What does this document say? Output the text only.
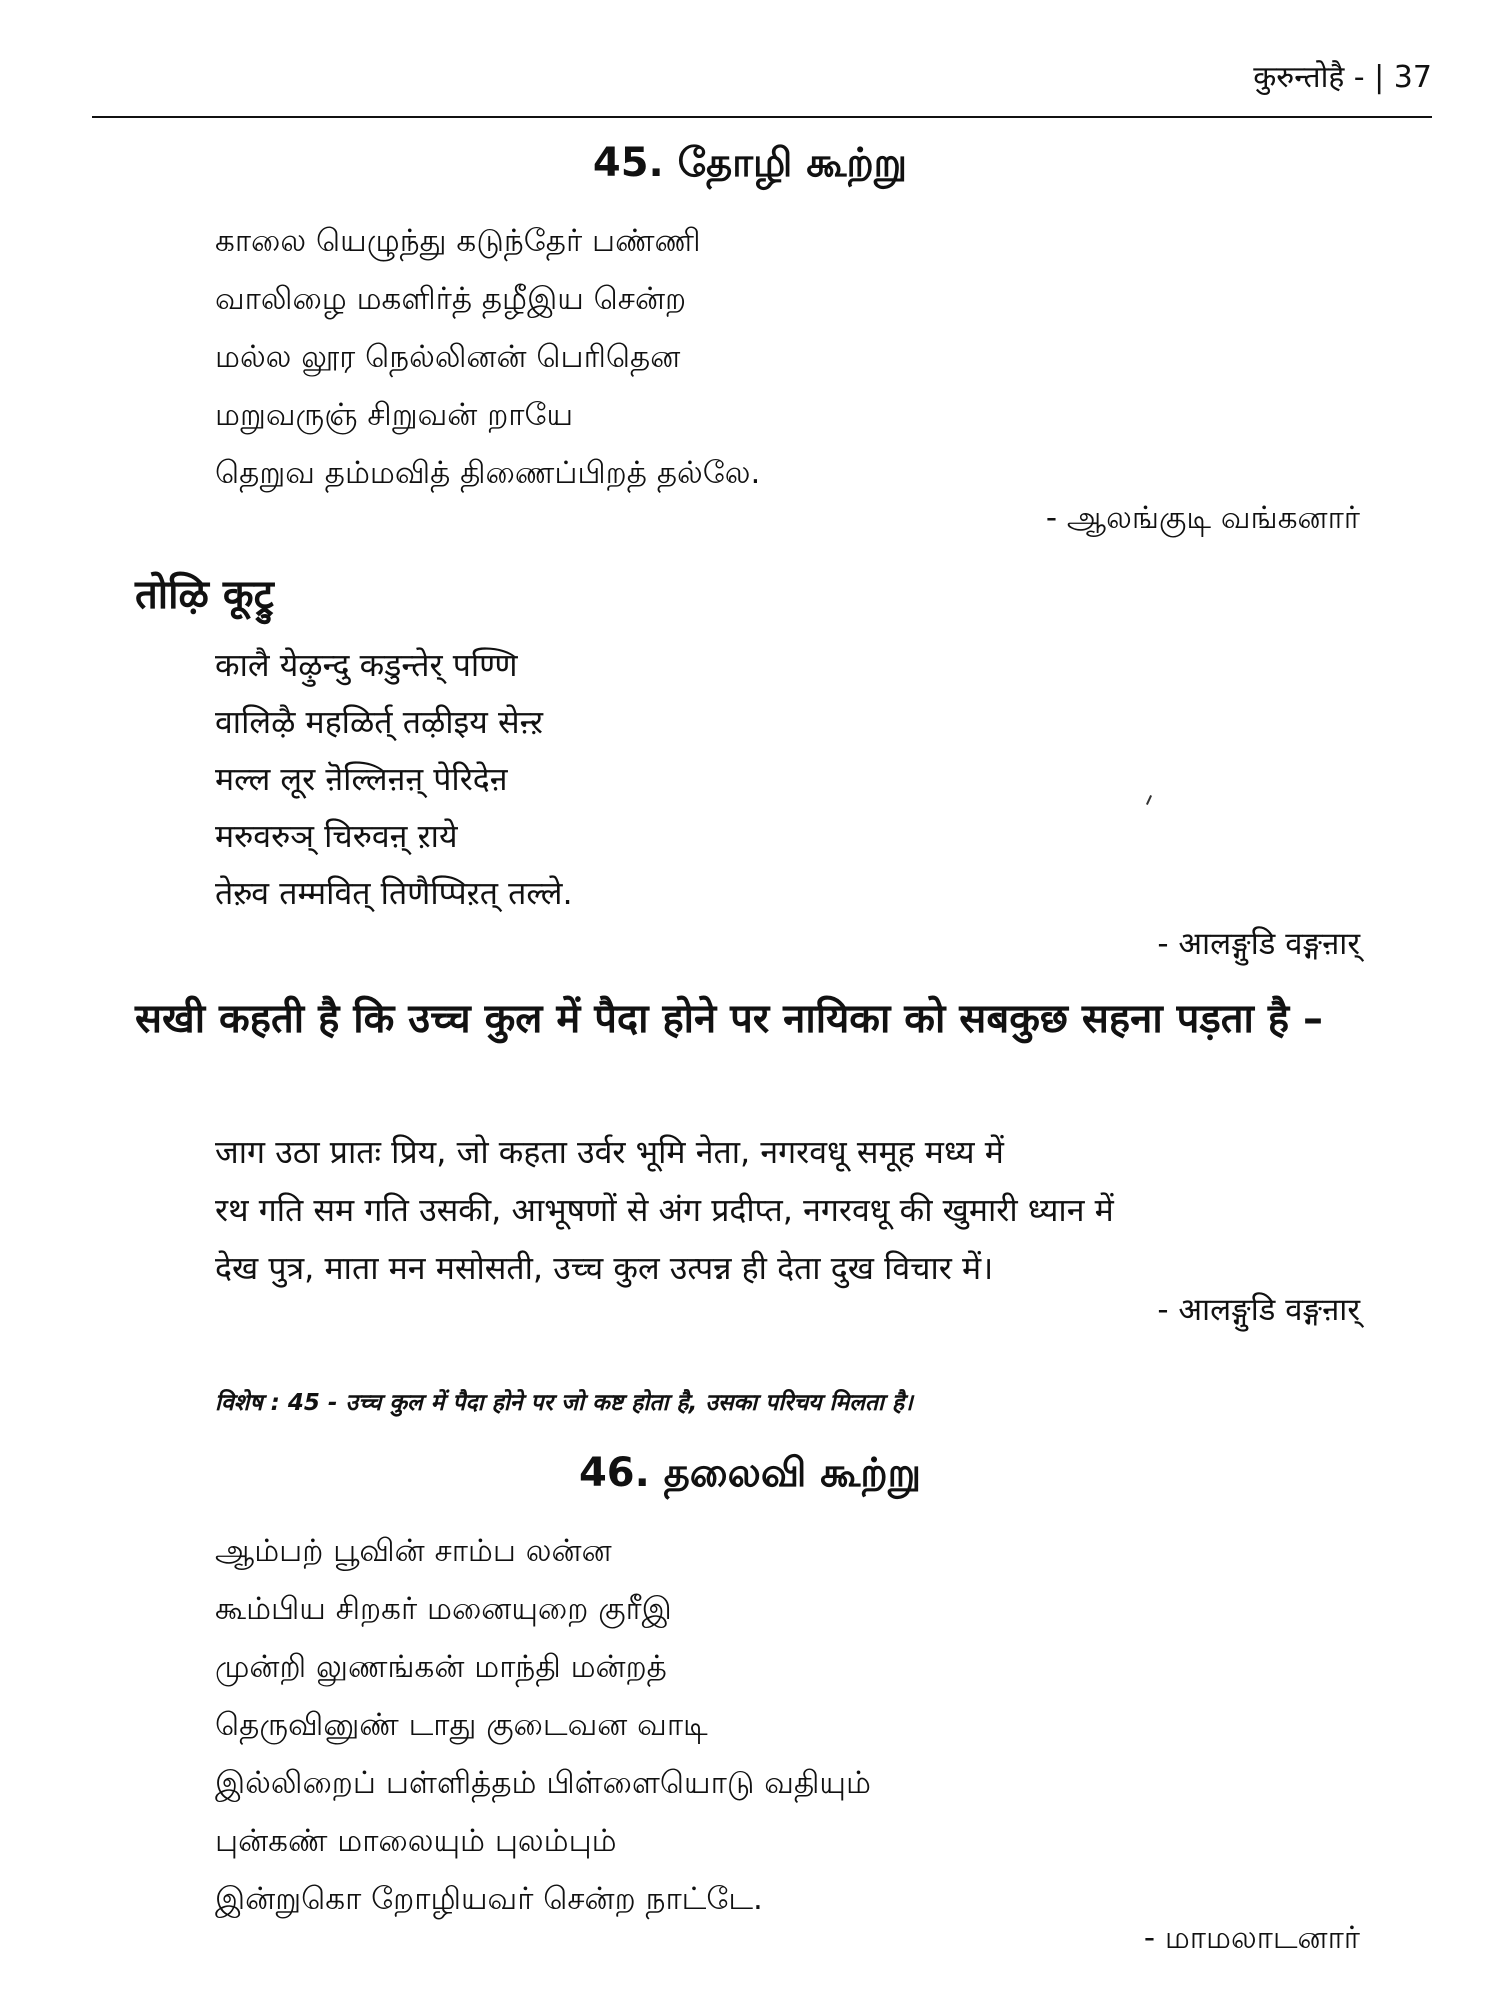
कुरुन्तोहै - | 37
45. தோழி கூற்று
காலை யெழுந்து கடுந்தேர் பண்ணி
வாலிழை மகளிர்த் தழீஇய சென்ற
மல்ல லூர நெல்லினன் பெரிதென
மறுவருஞ் சிறுவன் றாயே
தெறுவ தம்மவித் திணைப்பிறத் தல்லே.
- ஆலங்குடி வங்கனார்
तोऴि कूट्रु
कालै येऴुन्दु कडुन्तेर् पण्णि
वालिऴै महळिर्त् तऴीइय सेऩ्ऱ
मल्ल लूर ऩॆल्लिऩऩ् पेरिदेऩ
मरुवरुञ् चिरुवऩ् ऱाये
तेऱुव तम्मवित् तिणैप्पिऱत् तल्ले.
- आलङ्गुडि वङ्गऩार्
सखी कहती है कि उच्च कुल में पैदा होने पर नायिका को सबकुछ सहना पड़ता है –
जाग उठा प्रातः प्रिय, जो कहता उर्वर भूमि नेता, नगरवधू समूह मध्य में
रथ गति सम गति उसकी, आभूषणों से अंग प्रदीप्त, नगरवधू की खुमारी ध्यान में
देख पुत्र, माता मन मसोसती, उच्च कुल उत्पन्न ही देता दुख विचार में।
- आलङ्गुडि वङ्गऩार्
विशेष : 45 - उच्च कुल में पैदा होने पर जो कष्ट होता है, उसका परिचय मिलता है।
46. தலைவி கூற்று
ஆம்பற் பூவின் சாம்ப லன்ன
கூம்பிய சிறகர் மனையுறை குரீஇ
முன்றி லுணங்கன் மாந்தி மன்றத்
தெருவினுண் டாது குடைவன வாடி
இல்லிறைப் பள்ளித்தம் பிள்ளையொடு வதியும்
புன்கண் மாலையும் புலம்பும்
இன்றுகொ றோழியவர் சென்ற நாட்டே.
- மாமலாடனார்
